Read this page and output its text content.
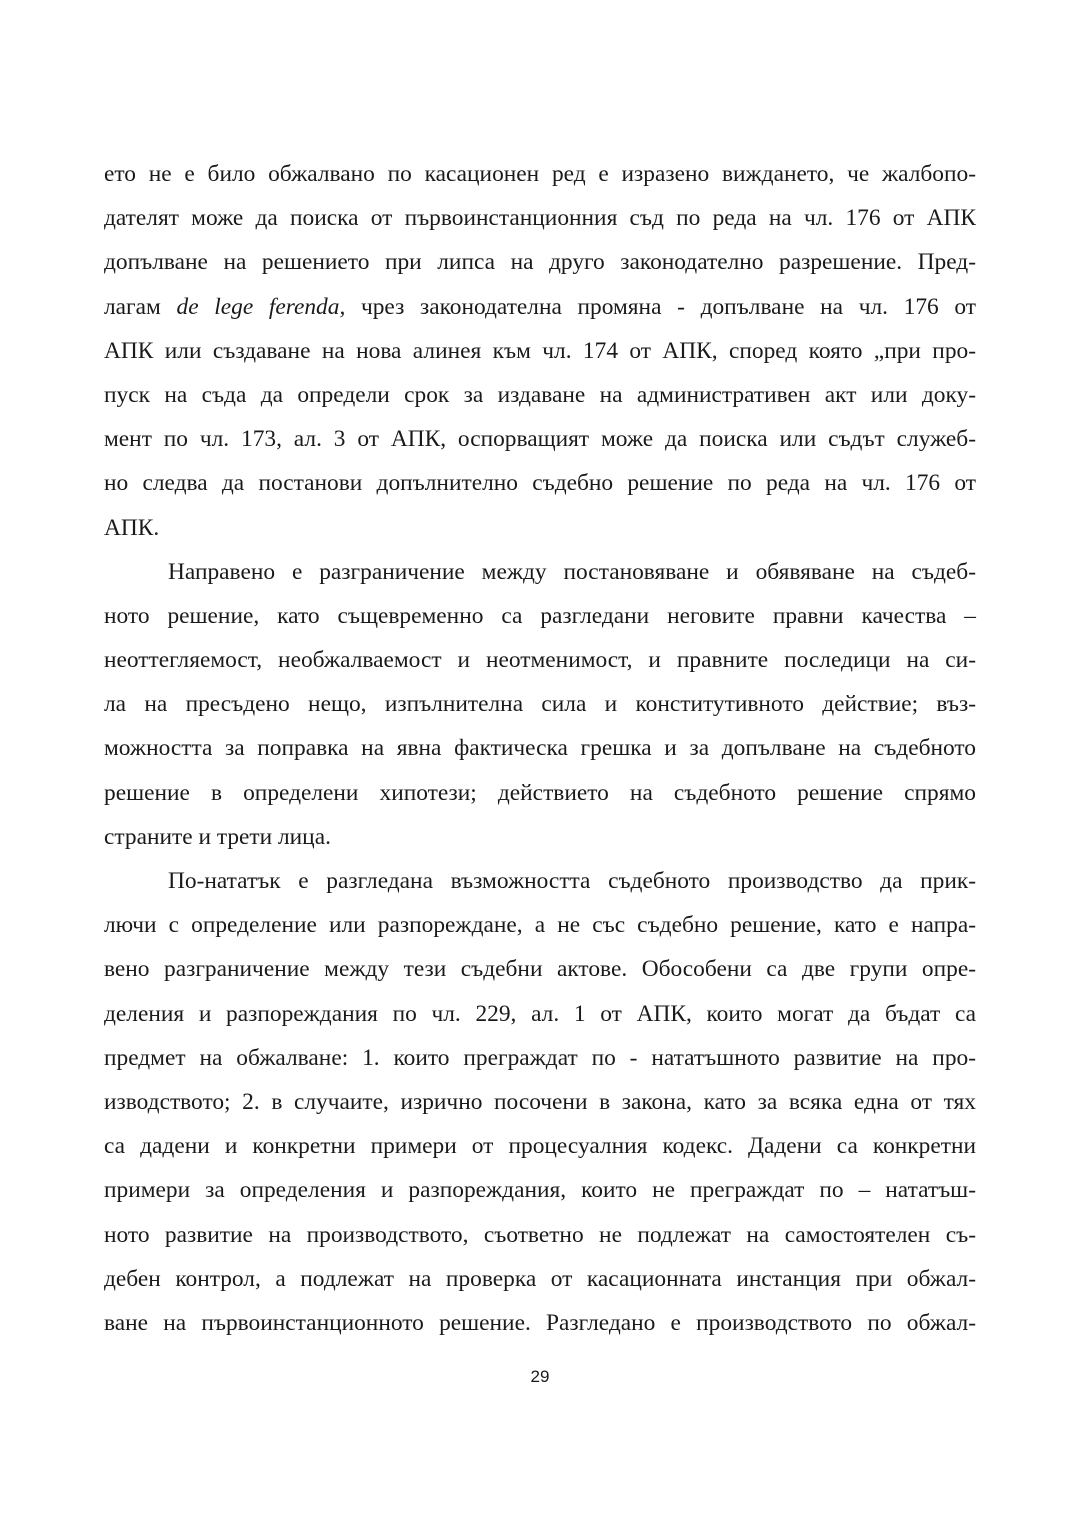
ето не е било обжалвано по касационен ред е изразено виждането, че жалбопо-
дателят може да поиска от първоинстанционния съд по реда на чл. 176 от АПК
допълване на решението при липса на друго законодателно разрешение. Пред-
лагам de lege ferenda, чрез законодателна промяна - допълване на чл. 176 от
АПК или създаване на нова алинея към чл. 174 от АПК, според която „при про-
пуск на съда да определи срок за издаване на административен акт или доку-
мент по чл. 173, ал. 3 от АПК, оспорващият може да поиска или съдът служеб-
но следва да постанови допълнително съдебно решение по реда на чл. 176 от
АПК.
Направено е разграничение между постановяване и обявяване на съдеб-
ното решение, като същевременно са разгледани неговите правни качества –
неоттегляемост, необжалваемост и неотменимост, и правните последици на си-
ла на пресъдено нещо, изпълнителна сила и конститутивното действие; въз-
можността за поправка на явна фактическа грешка и за допълване на съдебното
решение в определени хипотези; действието на съдебното решение спрямо
страните и трети лица.
По-нататък е разгледана възможността съдебното производство да прик-
лючи с определение или разпореждане, а не със съдебно решение, като е напра-
вено разграничение между тези съдебни актове. Обособени са две групи опре-
деления и разпореждания по чл. 229, ал. 1 от АПК, които могат да бъдат са
предмет на обжалване: 1. които преграждат по - нататъшното развитие на про-
изводството; 2. в случаите, изрично посочени в закона, като за всяка една от тях
са дадени и конкретни примери от процесуалния кодекс. Дадени са конкретни
примери за определения и разпореждания, които не преграждат по – нататъш-
ното развитие на производството, съответно не подлежат на самостоятелен съ-
дебен контрол, а подлежат на проверка от касационната инстанция при обжал-
ване на първоинстанционното решение. Разгледано е производството по обжал-
29
